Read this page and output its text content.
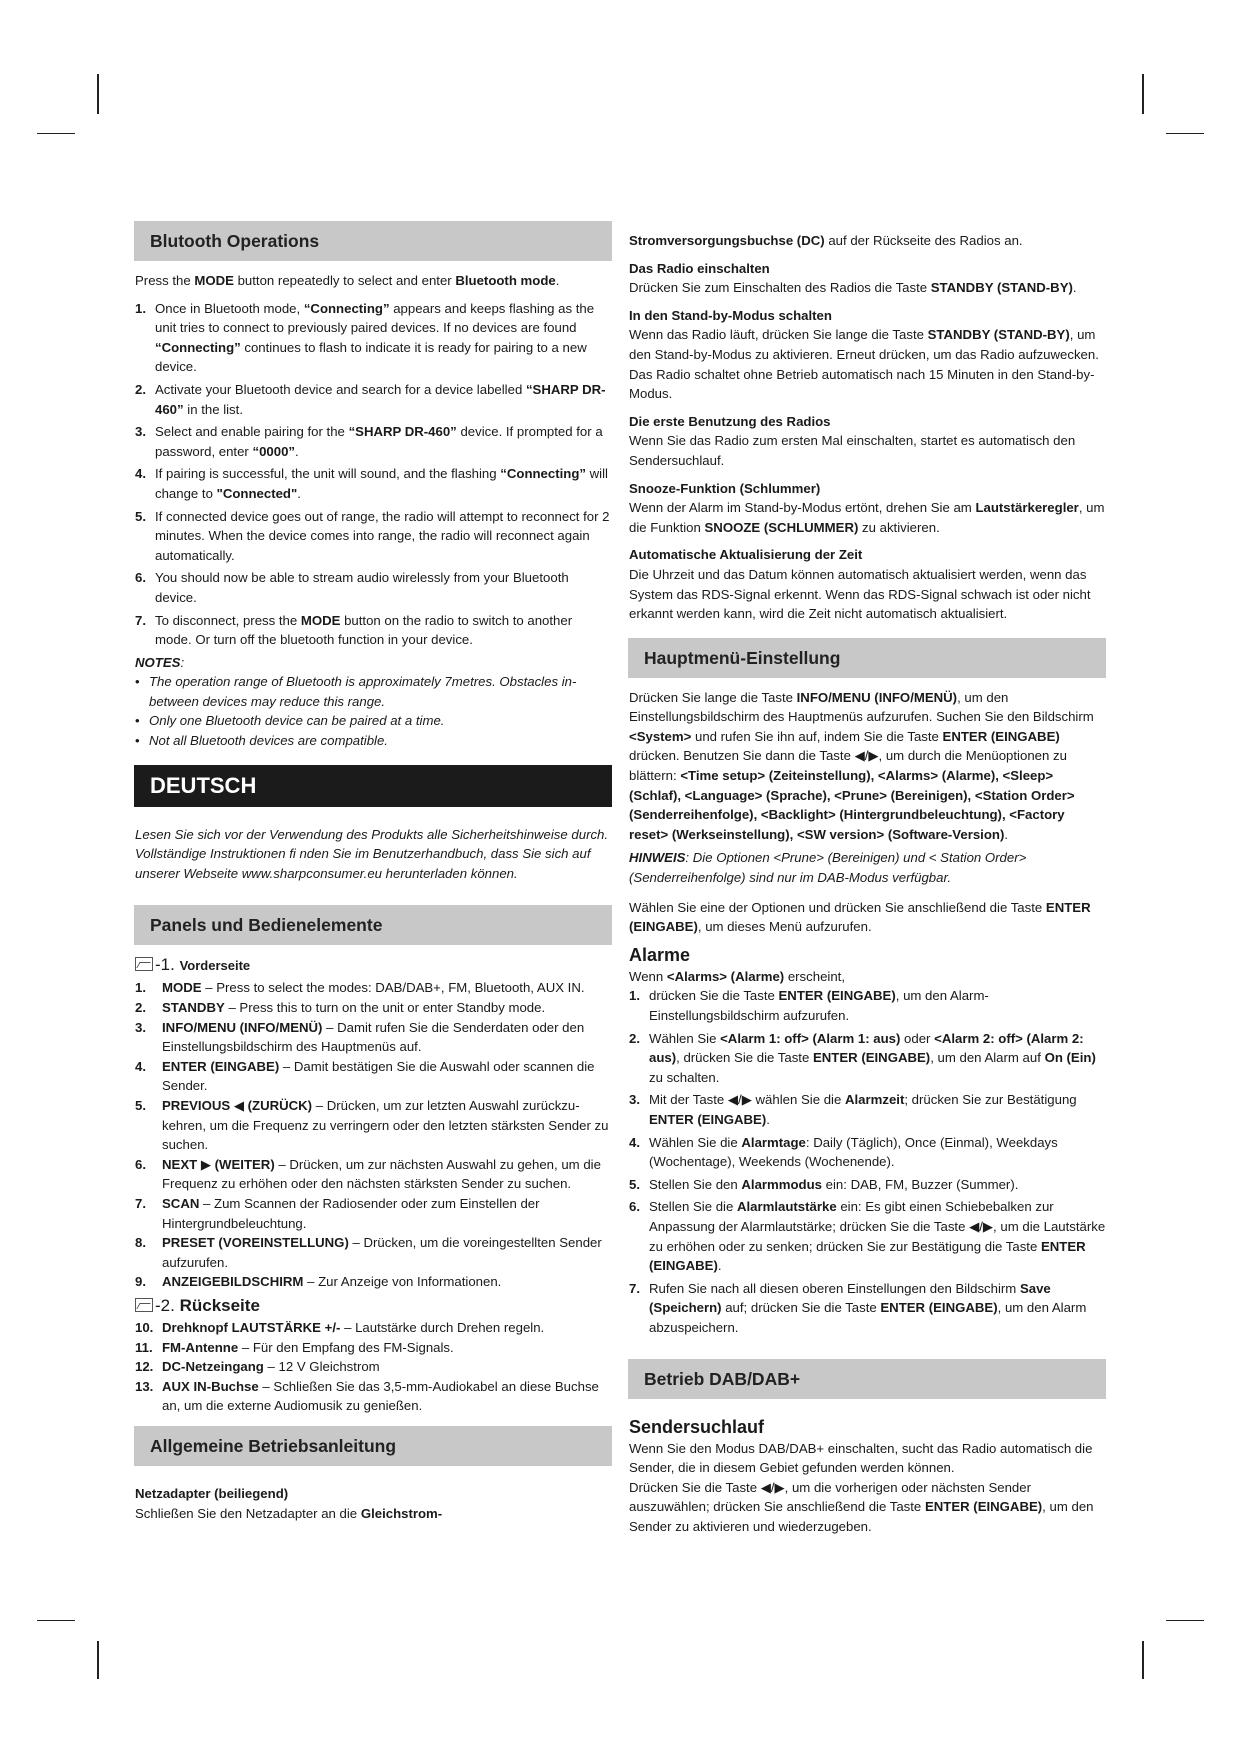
Blutooth Operations

Press the MODE button repeatedly to select and enter Bluetooth mode.

1. Once in Bluetooth mode, “Connecting” appears and keeps flashing as the unit tries to connect to previously paired devices. If no devices are found “Connecting” continues to flash to indicate it is ready for pairing to a new device.
2. Activate your Bluetooth device and search for a device labelled “SHARP DR-460” in the list.
3. Select and enable pairing for the “SHARP DR-460” device. If prompted for a password, enter “0000”.
4. If pairing is successful, the unit will sound, and the flashing “Connecting” will change to "Connected".
5. If connected device goes out of range, the radio will attempt to reconnect for 2 minutes. When the device comes into range, the radio will reconnect again automatically.
6. You should now be able to stream audio wirelessly from your Bluetooth device.
7. To disconnect, press the MODE button on the radio to switch to another mode. Or turn off the bluetooth function in your device.

NOTES:

• The operation range of Bluetooth is approximately 7metres. Obstacles in-between devices may reduce this range.
• Only one Bluetooth device can be paired at a time.
• Not all Bluetooth devices are compatible.
DEUTSCH

Lesen Sie sich vor der Verwendung des Produkts alle Sicherheitshinweise durch. Vollständige Instruktionen fi nden Sie im Benutzerhandbuch, dass Sie sich auf unserer Webseite www.sharpconsumer.eu herunterladen können.

Panels und Bedienelemente
-1. Vorderseite
1.	MODE – Press to select the modes: DAB/DAB+, FM, Bluetooth, AUX IN.
2.	STANDBY – Press this to turn on the unit or enter Standby mode.
3.	INFO/MENU (INFO/MENÜ) – Damit rufen Sie die Senderdaten oder den Einstellungsbildschirm des Hauptmenüs auf.
4.	ENTER (EINGABE) – Damit bestätigen Sie die Auswahl oder scannen die Sender.
5.	PREVIOUS ◀ (ZURÜCK) – Drücken, um zur letzten Auswahl zurückzu-kehren, um die Frequenz zu verringern oder den letzten stärksten Sender zu suchen.
6.	NEXT ▶ (WEITER) – Drücken, um zur nächsten Auswahl zu gehen, um die Frequenz zu erhöhen oder den nächsten stärksten Sender zu suchen.
7.	SCAN – Zum Scannen der Radiosender oder zum Einstellen der Hintergrundbeleuchtung.
8.	PRESET (VOREINSTELLUNG) – Drücken, um die voreingestellten Sender aufzurufen.
9.	ANZEIGEBILDSCHIRM – Zur Anzeige von Informationen.
-2. Rückseite
10. Drehknopf LAUTSTÄRKE +/- – Lautstärke durch Drehen regeln.
11. FM-Antenne – Für den Empfang des FM-Signals.
12. DC-Netzeingang – 12 V Gleichstrom
13. AUX IN-Buchse – Schließen Sie das 3,5-mm-Audiokabel an diese Buchse an, um die externe Audiomusik zu genießen.
Allgemeine Betriebsanleitung

Netzadapter (beiliegend)

Schließen Sie den Netzadapter an die Gleichstrom-

Stromversorgungsbuchse (DC) auf der Rückseite des Radios an.

Das Radio einschalten

Drücken Sie zum Einschalten des Radios die Taste STANDBY (STAND-BY).

In den Stand-by-Modus schalten

Wenn das Radio läuft, drücken Sie lange die Taste STANDBY (STAND-BY), um den Stand-by-Modus zu aktivieren. Erneut drücken, um das Radio aufzuwecken. Das Radio schaltet ohne Betrieb automatisch nach 15 Minuten in den Stand-by-Modus.

Die erste Benutzung des Radios

Wenn Sie das Radio zum ersten Mal einschalten, startet es automatisch den Sendersuchlauf.

Snooze-Funktion (Schlummer)

Wenn der Alarm im Stand-by-Modus ertönt, drehen Sie am Lautstärkeregler, um die Funktion SNOOZE (SCHLUMMER) zu aktivieren.

Automatische Aktualisierung der Zeit

Die Uhrzeit und das Datum können automatisch aktualisiert werden, wenn das System das RDS-Signal erkennt. Wenn das RDS-Signal schwach ist oder nicht erkannt werden kann, wird die Zeit nicht automatisch aktualisiert.

Hauptmenü-Einstellung

Drücken Sie lange die Taste INFO/MENU (INFO/MENÜ), um den Einstellungsbildschirm des Hauptmenüs aufzurufen. Suchen Sie den Bildschirm <System> und rufen Sie ihn auf, indem Sie die Taste ENTER (EINGABE) drücken. Benutzen Sie dann die Taste ◀/▶, um durch die Menüoptionen zu blättern: <Time setup> (Zeiteinstellung), <Alarms> (Alarme), <Sleep> (Schlaf), <Language> (Sprache), <Prune> (Bereinigen), <Station Order> (Senderreihenfolge), <Backlight> (Hintergrundbeleuchtung), <Factory reset> (Werkseinstellung), <SW version> (Software-Version).

HINWEIS: Die Optionen <Prune> (Bereinigen) und < Station Order> (Senderreihenfolge) sind nur im DAB-Modus verfügbar.

Wählen Sie eine der Optionen und drücken Sie anschließend die Taste ENTER (EINGABE), um dieses Menü aufzurufen.

Alarme

Wenn <Alarms> (Alarme) erscheint,

1. drücken Sie die Taste ENTER (EINGABE), um den Alarm-Einstellungsbildschirm aufzurufen.
2. Wählen Sie <Alarm 1: off> (Alarm 1: aus) oder <Alarm 2: off> (Alarm 2: aus), drücken Sie die Taste ENTER (EINGABE), um den Alarm auf On (Ein) zu schalten.
3. Mit der Taste ◀/▶ wählen Sie die Alarmzeit; drücken Sie zur Bestätigung ENTER (EINGABE).
4. Wählen Sie die Alarmtage: Daily (Täglich), Once (Einmal), Weekdays (Wochentage), Weekends (Wochenende).
5. Stellen Sie den Alarmmodus ein: DAB, FM, Buzzer (Summer).
6. Stellen Sie die Alarmlautstärke ein: Es gibt einen Schiebebalken zur Anpassung der Alarmlautstärke; drücken Sie die Taste ◀/▶, um die Lautstärke zu erhöhen oder zu senken; drücken Sie zur Bestätigung die Taste ENTER (EINGABE).
7. Rufen Sie nach all diesen oberen Einstellungen den Bildschirm Save (Speichern) auf; drücken Sie die Taste ENTER (EINGABE), um den Alarm abzuspeichern.
Betrieb DAB/DAB+
Sendersuchlauf

Wenn Sie den Modus DAB/DAB+ einschalten, sucht das Radio automatisch die Sender, die in diesem Gebiet gefunden werden können.

Drücken Sie die Taste ◀/▶, um die vorherigen oder nächsten Sender auszuwählen; drücken Sie anschließend die Taste ENTER (EINGABE), um den Sender zu aktivieren und wiederzugeben.
